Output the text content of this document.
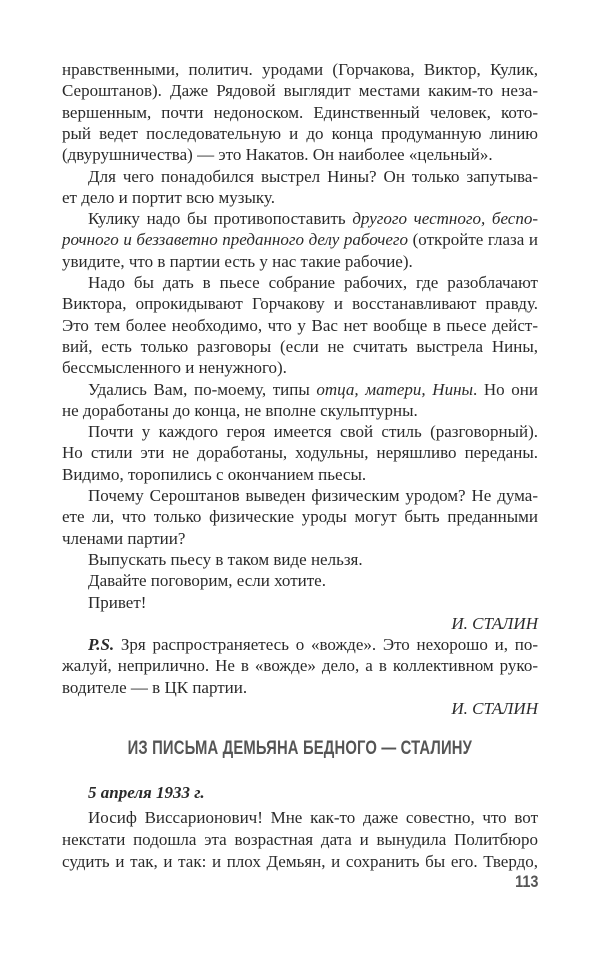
ИЗ ПИСЬМА ДЕМЬЯНА БЕДНОГО — СТАЛИНУ
113
нравственными, политич. уродами (Горчакова, Виктор, Кулик,
Сероштанов). Даже Рядовой выглядит местами каким-то неза-
вершенным, почти недоноском. Единственный человек, кото-
рый ведет последовательную и до конца продуманную линию
(двурушничества) — это Накатов. Он наиболее «цельный».
Для чего понадобился выстрел Нины? Он только запутыва-
ет дело и портит всю музыку.
Кулику надо бы противопоставить другого честного, беспо-
рочного и беззаветно преданного делу рабочего (откройте глаза и
увидите, что в партии есть у нас такие рабочие).
Надо бы дать в пьесе собрание рабочих, где разоблачают
Виктора, опрокидывают Горчакову и восстанавливают правду.
Это тем более необходимо, что у Вас нет вообще в пьесе дейст-
вий, есть только разговоры (если не считать выстрела Нины,
бессмысленного и ненужного).
Удались Вам, по-моему, типы отца, матери, Нины. Но они
не доработаны до конца, не вполне скульптурны.
Почти у каждого героя имеется свой стиль (разговорный).
Но стили эти не доработаны, ходульны, неряшливо переданы.
Видимо, торопились с окончанием пьесы.
Почему Сероштанов выведен физическим уродом? Не дума-
ете ли, что только физические уроды могут быть преданными
членами партии?
Выпускать пьесу в таком виде нельзя.
Давайте поговорим, если хотите.
Привет!
И. СТАЛИН
P.S. Зря распространяетесь о «вожде». Это нехорошо и, по-
жалуй, неприлично. Не в «вожде» дело, а в коллективном руко-
водителе — в ЦК партии.
И. СТАЛИН
5 апреля 1933 г.
Иосиф Виссарионович! Мне как-то даже совестно, что вот
некстати подошла эта возрастная дата и вынудила Политбюро
судить и так, и так: и плох Демьян, и сохранить бы его. Твердо,
